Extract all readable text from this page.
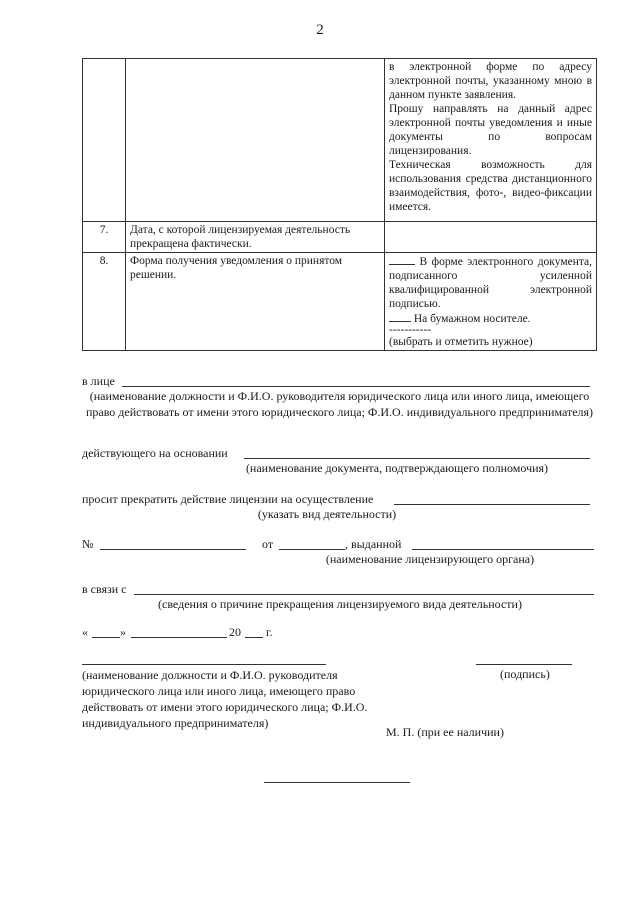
2

		в электронной форме по адресу электронной почты, указанному мною в данном пункте заявления.
Прошу направлять на данный адрес электронной почты уведомления и иные документы по вопросам лицензирования.
Техническая возможность для использования средства дистанционного взаимодействия, фото-, видео-фиксации имеется.

7.	Дата, с которой лицензируемая деятельность прекращена фактически.	
8.	Форма получения уведомления о принятом решении.	В форме электронного документа, подписанного усиленной квалифицированной электронной подписью.
На бумажном носителе.
-----------
(выбрать и отметить нужное)
в лице
(наименование должности и Ф.И.О. руководителя юридического лица или иного лица, имеющего право действовать от имени этого юридического лица; Ф.И.О. индивидуального предпринимателя)
действующего на основании
(наименование документа, подтверждающего полномочия)
просит прекратить действие лицензии на осуществление
(указать вид деятельности)
№	от	, выданной
(наименование лицензирующего органа)
в связи с
(сведения о причине прекращения лицензируемого вида деятельности)
«	»	20 г.
(наименование должности и Ф.И.О. руководителя юридического лица или иного лица, имеющего право действовать от имени этого юридического лица; Ф.И.О. индивидуального предпринимателя)
(подпись)
М. П. (при ее наличии)
